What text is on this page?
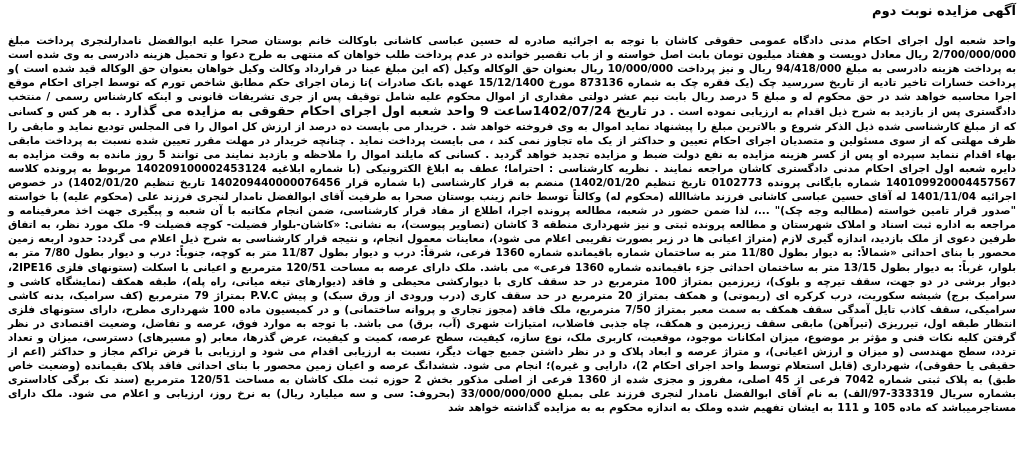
آگهی مزایده نوبت دوم

واحد شعبه اول اجرای احکام مدنی دادگاه عمومی حقوقی کاشان با توجه به اجرائیه صادره له حسین عباسی کاشانی باوکالت خانم بوستان صحرا علیه ابوالفضل نامدارلنجری پرداخت مبلغ 2/700/000/000 ریال معادل دویست و هفتاد میلیون تومان بابت اصل خواسته و از باب تقصیر خوانده در عدم پرداخت طلب خواهان که منتهی به طرح دعوا و تحمیل هزینه دادرسی به وی شده است به پرداخت هزینه دادرسی به مبلغ 94/418/000 ریال و نیز پرداخت 10/000/000 ریال بعنوان حق الوکاله وکیل (که این مبلغ عینا در قرارداد وکالت وکیل خواهان بعنوان حق الوکاله قید شده است )و پرداخت خسارات تاخیر تادیه از تاریخ سررسید چک (یک فقره چک به شماره 873136 مورخ 15/12/1400 عهده بانک صادرات )تا زمان اجرای حکم مطابق شاخص تورم که توسط اجرای احکام موقع اجرا محاسبه خواهد شد در حق محکوم له و مبلغ 5 درصد ریال بابت نیم عشر دولتی مقداری از اموال محکوم علیه شامل توقیف پس از جری تشریفات قانونی و اینکه کارشناس رسمی / منتخب دادگستری پس از بازدید به شرح ذیل اقدام به ارزیابی نموده است . در تاریخ 1402/07/24ساعت 9 واحد شعبه اول اجرای احکام حقوقی به مزایده می گذارد . به هر کس و کسانی که از مبلغ کارشناسی شده ذیل الذکر شروع و بالاترین مبلغ را پیشنهاد نماید اموال به وی فروخته خواهد شد . خریدار می بایست ده درصد از ارزش کل اموال را فی المجلس تودیع نماید و مابقی را ظرف مهلتی که از سوی مسئولین و متصدیان اجرای احکام تعیین و حداکثر از یک ماه تجاوز نمی کند ، می بایست پرداخت نماید . چنانچه خریدار در مهلت مقرر تعیین شده نسبت به پرداخت مابقی بهاء اقدام ننماید سپرده او پس از کسر هزینه مزایده به نفع دولت ضبط و مزایده تجدید خواهد گردید . کسانی که مایلند اموال را ملاحظه و بازدید نمایند می توانند 5 روز مانده به وقت مزایده به دایره شعبه اول اجرای احکام مدنی دادگستری کاشان مراجعه نمایند . نظریه کارشناسی : احتراما؛ عطف به ابلاغ الکترونیکی (با شماره ابلاغیه 140209100002453124 مربوط به پرونده کلاسه 140109920004457567 شماره بایگانی پرونده 0102773 تاریخ تنظیم 1402/01/20) منضم به قرار کارشناسی (با شماره قرار 140209440000076456 تاریخ تنظیم 1402/01/20) در خصوص اجرائیه 1401/11/04 له آقای حسین عباسی کاشانی فرزند ماشاالله (محکوم له) وکالتاً توسط خانم زینب بوستان صحرا به طرفیت آقای ابوالفضل نامدار لنجری فرزند علی (محکوم علیه) با خواسته "صدور قرار تامین خواسته (مطالبه وجه چک)" ...، لذا ضمن حضور در شعبه، مطالعه پرونده اجرا، اطلاع از مفاد قرار کارشناسی، ضمن انجام مکاتبه با آن شعبه و پیگیری جهت اخذ معرفینامه و مراجعه به اداره ثبت اسناد و املاک شهرستان و مطالعه پرونده ثبتی و نیز شهرداری منطقه 3 کاشان (تصاویر پیوست)، به نشانی: «کاشان-بلوار فضیلت- کوچه فضیلت 9- ملک مورد نظر، به اتفاق طرفین دعوی از ملک بازدید، اندازه گیری لازم (متراژ اعیانی ها در زیر بصورت تقریبی اعلام می شود)، معاینات معمول انجام، و نتیجه قرار کارشناسی به شرح ذیل اعلام می گردد: حدود اربعه زمین محصور با بنای احداثی «شمالاً: به دیوار بطول 11/80 متر به ساختمان شماره باقیمانده شماره 1360 فرعی، شرقاً: درب و دیوار بطول 11/87 متر به کوچه، جنوباً: درب و دیوار بطول 7/80 متر به بلوار، غرباً: به دیوار بطول 13/15 متر به ساختمان احداثی جزء باقیمانده شماره 1360 فرعی» می باشد. ملک دارای عرصه به مساحت 120/51 مترمربع و اعیانی با اسکلت (ستونهای فلزی 2IPE16، دیوار برشی در دو جهت، سقف تیرچه و بلوک)، زیرزمین بمتراژ 100 مترمربع در حد سقف کاری با دیوارکشی محیطی و فاقد (دیوارهای تیغه میانی، راه پله)، طبقه همکف (نمایشگاه کاشی و سرامیک برج) شیشه سکوریت، درب کرکره ای (ریموتی) و همکف بمتراژ 20 مترمربع در حد سقف کاری (درب ورودی از ورق سبک) و پیش P.V.C بمتراژ 79 مترمربع (کف سرامیک، بدنه کاشی سرامیکی، سقف کاذب تایل آمدگی سقف همکف به سمت معبر بمتراژ 7/50 مترمربع، ملک فاقد (مجوز تجاری و پروانه ساختمانی) و در کمیسیون ماده 100 شهرداری مطرح، دارای ستونهای فلزی انتظار طبقه اول، تیرریزی (تیرآهن) مابقی سقف زیرزمین و همکف، چاه جذبی فاضلاب، امتیازات شهری (آب، برق) می باشد. با توجه به موارد فوق، عرصه و تفاضل، وضعیت اقتصادی در نظر گرفتن کلیه نکات فنی و مؤثر بر موضوع، میزان امکانات موجود، موقعیت، کاربری ملک، نوع سازه، کیفیت، سطح عرصه، کمیت و کیفیت، عرض گذرها، معابر (و مسیرهای) دسترسی، میزان و تعداد تردد، سطح مهندسی (و میزان و ارزش اعیانی)، و متراژ عرصه و ابعاد پلاک و در نظر داشتن جمیع جهات دیگر، نسبت به ارزیابی اقدام می شود و ارزیابی با فرض تراکم مجاز و حداکثر (اعم از حقیقی یا حقوقی)، شهرداری (قابل استعلام توسط واحد اجرای احکام 2)، دارایی و غیره)؛ انجام می شود. ششدانگ عرصه و اعیان زمین محصور با بنای احداثی فاقد پلاک بقیمانده (وضعیت خاص طبق) به پلاک ثبتی شماره 7042 فرعی از 45 اصلی، مفروز و مجزی شده از 1360 فرعی از اصلی مذکور بخش 2 حوزه ثبت ملک کاشان به مساحت 120/51 مترمربع (سند تک برگی کاداستری بشماره سریال 333319-97/الف) به نام آقای ابوالفضل نامدار لنجری فرزند علی بمبلغ 33/000/000/000 (بحروف: سی و سه میلیارد ریال) به نرخ روز، ارزیابی و اعلام می شود. ملک دارای مستاجرمیباشد که ماده 105 و 111 به ایشان تفهیم شده وملک به اندازه محکوم به به مزایده گذاشته خواهد شد
